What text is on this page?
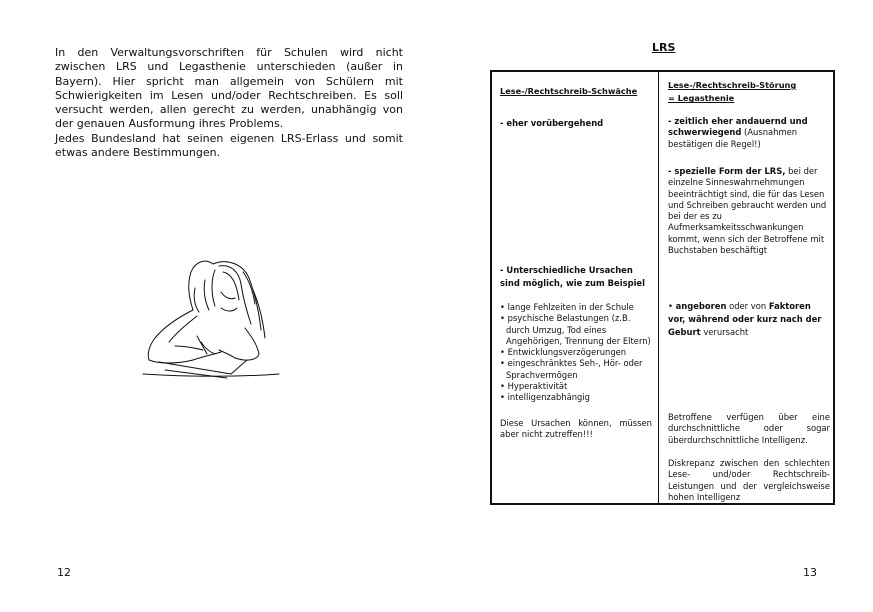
In den Verwaltungsvorschriften für Schulen wird nicht zwischen LRS und Legasthenie unterschieden (außer in Bayern). Hier spricht man allgemein von Schülern mit Schwierigkeiten im Lesen und/oder Rechtschreiben. Es soll versucht werden, allen gerecht zu werden, unabhängig von der genauen Ausformung ihres Problems.

Jedes Bundesland hat seinen eigenen LRS-Erlass und somit etwas andere Bestimmungen.

12
LRS
Lese-/Rechtschreib-Schwäche
Lese-/Rechtschreib-Störung
= Legasthenie
- eher vorübergehend	- zeitlich eher andauernd und schwerwiegend (Ausnahmen bestätigen die Regel!)
- spezielle Form der LRS, bei der einzelne Sinneswahrnehmungen beeinträchtigt sind, die für das Lesen und Schreiben gebraucht werden und bei der es zu Aufmerksamkeitsschwankungen kommt, wenn sich der Betroffene mit Buchstaben beschäftigt
- Unterschiedliche Ursachen sind möglich, wie zum Beispiel
• lange Fehlzeiten in der Schule
• psychische Belastungen (z.B. durch Umzug, Tod eines Angehörigen, Trennung der Eltern)
• Entwicklungsverzögerungen
• eingeschränktes Seh-, Hör- oder Sprachvermögen
• Hyperaktivität
• intelligenzabhängig
• angeboren oder von Faktoren vor, während oder kurz nach der Geburt verursacht
Diese Ursachen können, müssen aber nicht zutreffen!!!
Betroffene verfügen über eine durchschnittliche oder sogar überdurchschnittliche Intelligenz.
Diskrepanz zwischen den schlechten Lese- und/oder Rechtschreib-Leistungen und der vergleichsweise hohen Intelligenz
13
